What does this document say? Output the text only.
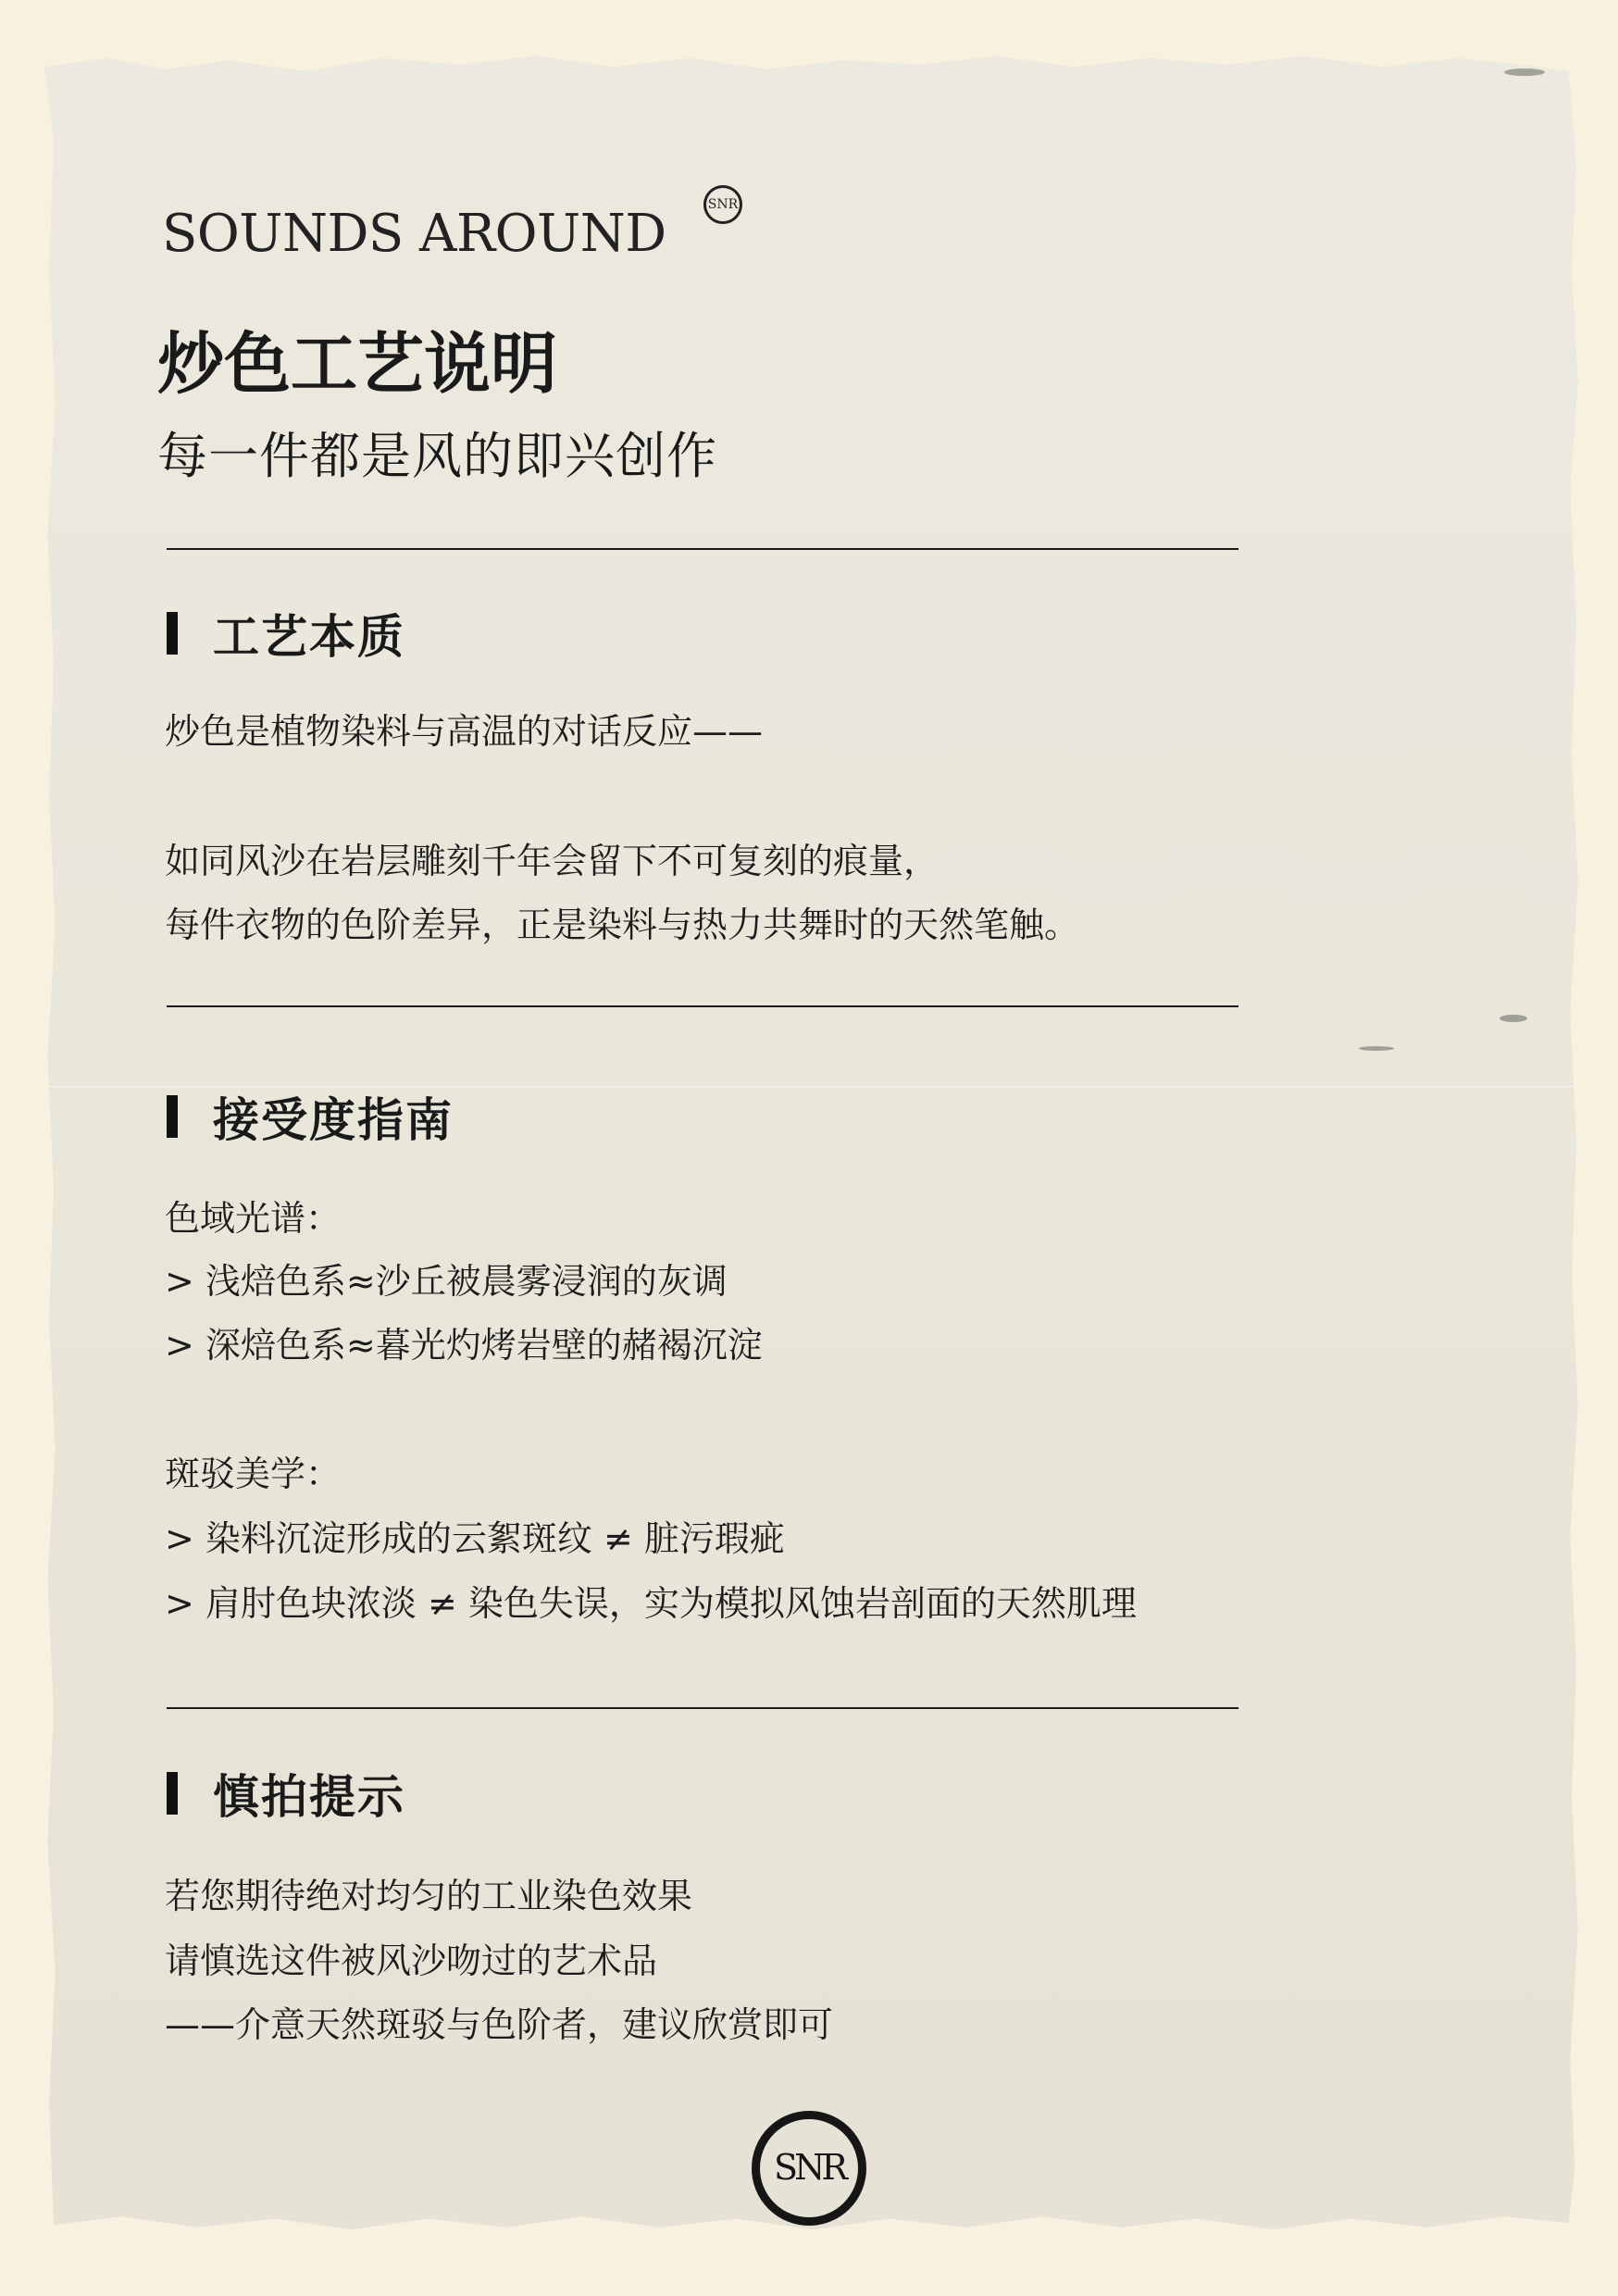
SOUNDS AROUND	SNR
炒色工艺说明
每一件都是风的即兴创作
工艺本质
炒色是植物染料与高温的对话反应——
如同风沙在岩层雕刻千年会留下不可复刻的痕量，
每件衣物的色阶差异，正是染料与热力共舞时的天然笔触。
接受度指南
色域光谱：
> 浅焙色系≈沙丘被晨雾浸润的灰调
> 深焙色系≈暮光灼烤岩壁的赭褐沉淀
斑驳美学：
> 染料沉淀形成的云絮斑纹 ≠ 脏污瑕疵
> 肩肘色块浓淡 ≠ 染色失误，实为模拟风蚀岩剖面的天然肌理
慎拍提示
若您期待绝对均匀的工业染色效果
请慎选这件被风沙吻过的艺术品
——介意天然斑驳与色阶者，建议欣赏即可
SNR
